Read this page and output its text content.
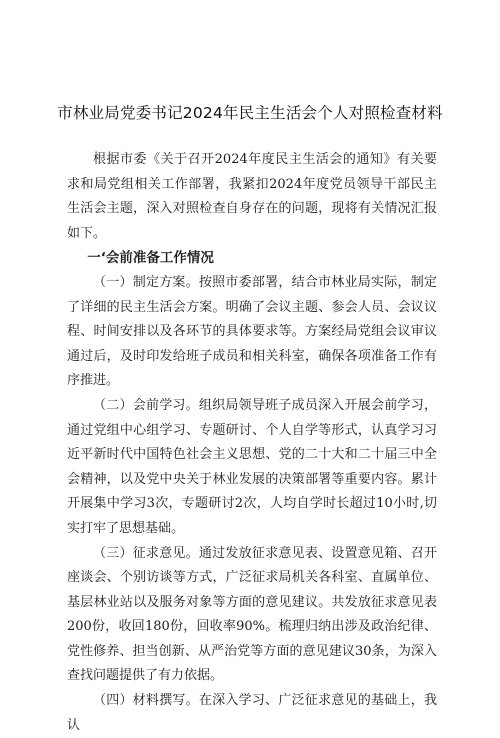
市林业局党委书记2024年民主生活会个人对照检查材料

根据市委《关于召开2024年度民主生活会的通知》有关要求和局党组相关工作部署，我紧扣2024年度党员领导干部民主生活会主题，深入对照检查自身存在的问题，现将有关情况汇报如下。

一‘会前准备工作情况

（一）制定方案。按照市委部署，结合市林业局实际，制定了详细的民主生活会方案。明确了会议主题、参会人员、会议议程、时间安排以及各环节的具体要求等。方案经局党组会议审议通过后，及时印发给班子成员和相关科室，确保各项准备工作有序推进。

（二）会前学习。组织局领导班子成员深入开展会前学习，通过党组中心组学习、专题研讨、个人自学等形式，认真学习习近平新时代中国特色社会主义思想、党的二十大和二十届三中全会精神，以及党中央关于林业发展的决策部署等重要内容。累计开展集中学习3次，专题研讨2次，人均自学时长超过10小时,切实打牢了思想基础。

（三）征求意见。通过发放征求意见表、设置意见箱、召开座谈会、个别访谈等方式，广泛征求局机关各科室、直属单位、基层林业站以及服务对象等方面的意见建议。共发放征求意见表200份，收回180份，回收率90%。梳理归纳出涉及政治纪律、党性修养、担当创新、从严治党等方面的意见建议30条，为深入查找问题提供了有力依据。

（四）材料撰写。在深入学习、广泛征求意见的基础上，我认
